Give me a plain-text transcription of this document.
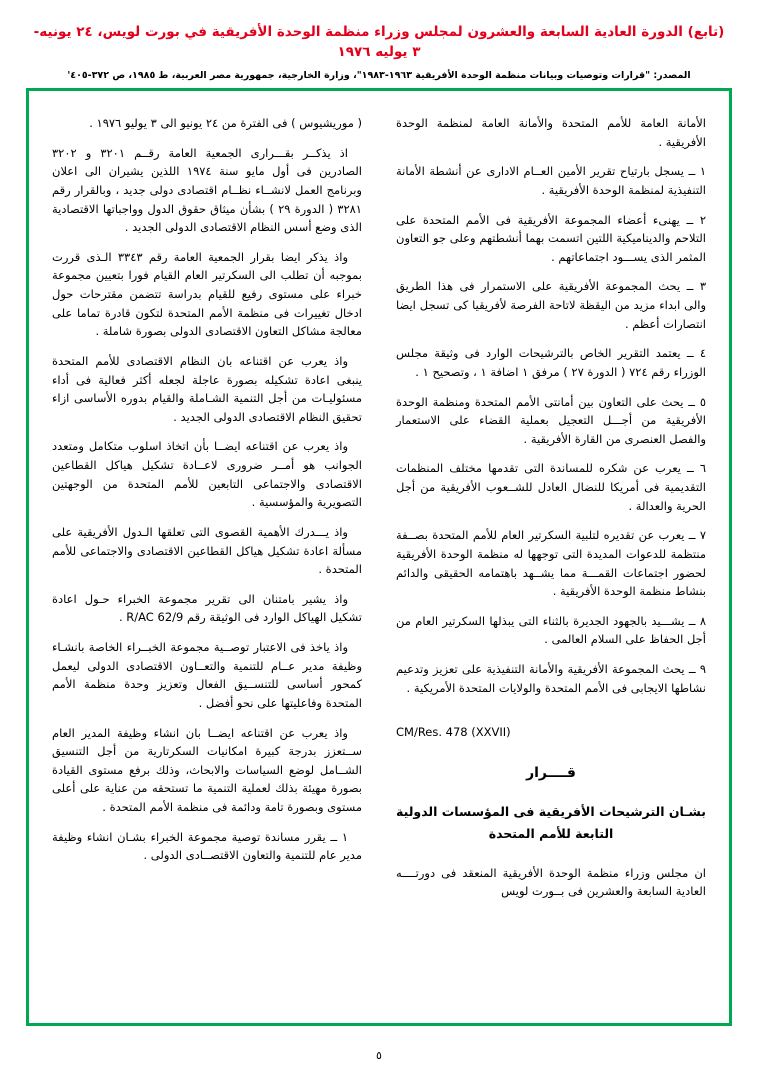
(تابع) الدورة العادية السابعة والعشرون لمجلس وزراء منظمة الوحدة الأفريقية في بورت لويس، ٢٤ يونيه- ٣ يوليه ١٩٧٦
المصدر: "قرارات وتوصيات وبيانات منظمة الوحدة الأفريقية ١٩٦٣-١٩٨٣"، وزارة الخارجية، جمهورية مصر العربية، ط ١٩٨٥، ص ٣٧٢-٤٠٥'

الأمانة العامة للأمم المتحدة والأمانة العامة لمنظمة الوحدة الأفريقية .

١ ــ يسجل بارتياح تقرير الأمين العــام الادارى عن أنشطة الأمانة التنفيذية لمنظمة الوحدة الأفريقية .

٢ ــ يهنىء أعضاء المجموعة الأفريقية فى الأمم المتحدة على التلاحم والديناميكية اللتين اتسمت بهما أنشطتهم وعلى جو التعاون المثمر الذى يســـود اجتماعاتهم .

٣ ــ يحث المجموعة الأفريقية على الاستمرار فى هذا الطريق والى ابداء مزيد من اليقظة لاتاحة الفرصة لأفريقيا كى تسجل ايضا انتصارات أعظم .

٤ ــ يعتمد التقرير الخاص بالترشيحات الوارد فى وثيقة مجلس الوزراء رقم ٧٢٤ ( الدورة ٢٧ ) مرفق ١ اضافة ١ ، وتصحيح ١ .

٥ ــ يحث على التعاون بين أمانتى الأمم المتحدة ومنظمة الوحدة الأفريقية من أجـــل التعجيل بعملية القضاء على الاستعمار والفصل العنصرى من القارة الأفريقية .

٦ ــ يعرب عن شكره للمساندة التى تقدمها مختلف المنظمات التقديمية فى أمريكا للنضال العادل للشــعوب الأفريقية من أجل الحرية والعدالة .

٧ ــ يعرب عن تقديره لتلبية السكرتير العام للأمم المتحدة بصــفة منتظمة للدعوات المديدة التى توجهها له منظمة الوحدة الأفريقية لحضور اجتماعات القمـــة مما يشــهد باهتمامه الحقيقى والدائم بنشاط منظمة الوحدة الأفريقية .

٨ ــ يشـــيد بالجهود الجديرة بالثناء التى يبذلها السكرتير العام من أجل الحفاظ على السلام العالمى .

٩ ــ يحث المجموعة الأفريقية والأمانة التنفيذية على تعزيز وتدعيم نشاطها الايجابى فى الأمم المتحدة والولايات المتحدة الأمريكية .

CM/Res. 478 (XXVII)

قــــرار

بشـان الترشيحات الأفريقية فى المؤسسات الدولية التابعة للأمم المتحدة

ان مجلس وزراء منظمة الوحدة الأفريقية المنعقد فى دورتــــه العادية السابعة والعشرين فى بــورت لويس

( موريشيوس ) فى الفترة من ٢٤ يونيو الى ٣ يوليو ١٩٧٦ .

اذ يذكــر بقـــرارى الجمعية العامة رقــم ٣٢٠١ و ٣٢٠٢ الصادرين فى أول مايو سنة ١٩٧٤ اللذين يشيران الى اعلان وبرنامج العمل لانشــاء نظــام اقتصادى دولى جديد ، وبالقرار رقم ٣٢٨١ ( الدورة ٢٩ ) بشأن ميثاق حقوق الدول وواجباتها الاقتصادية الذى وضع أسس النظام الاقتصادى الدولى الجديد .

واذ يذكر ايضا بقرار الجمعية العامة رقم ٣٣٤٣ الـذى قررت بموجبه أن تطلب الى السكرتير العام القيام فورا بتعيين مجموعة خبراء على مستوى رفيع للقيام بدراسة تتضمن مقترحات حول ادخال تغييرات فى منظمة الأمم المتحدة لتكون قادرة تماما على معالجة مشاكل التعاون الاقتصادى الدولى بصورة شاملة .

واذ يعرب عن اقتناعه بان النظام الاقتصادى للأمم المتحدة ينبغى اعادة تشكيله بصورة عاجلة لجعله أكثر فعالية فى أداء مسئوليـات من أجل التنمية الشـاملة والقيام بدوره الأساسى ازاء تحقيق النظام الاقتصادى الدولى الجديد .

واذ يعرب عن اقتناعه ايضــا بأن اتخاذ اسلوب متكامل ومتعدد الجوانب هو أمــر ضرورى لاعــادة تشكيل هياكل القطاعين الاقتصادى والاجتماعى التابعين للأمم المتحدة من الوجهتين التصويرية والمؤسسية .

واذ يـــدرك الأهمية القصوى التى تعلقها الـدول الأفريقية على مسألة اعادة تشكيل هياكل القطاعين الاقتصادى والاجتماعى للأمم المتحدة .

واذ يشير بامتنان الى تقرير مجموعة الخبراء حـول اعادة تشكيل الهياكل الوارد فى الوثيقة رقم R/AC 62/9 .

واذ ياخذ فى الاعتبار توصــية مجموعة الخبــراء الخاصة بانشـاء وظيفة مدير عــام للتنمية والتعــاون الاقتصادى الدولى ليعمل كمحور أساسى للتنســيق الفعال وتعزيز وحدة منظمة الأمم المتحدة وفاعليتها على نحو أفضل .

واذ يعرب عن اقتناعه ايضــا بان انشاء وظيفة المدير العام ســتعزز بدرجة كبيرة امكانيات السكرتارية من أجل التنسيق الشــامل لوضع السياسات والابحاث، وذلك برفع مستوى القيادة بصورة مهيئة بذلك لعملية التنمية ما تستحقه من عناية على أعلى مستوى وبصورة تامة ودائمة فى منظمة الأمم المتحدة .

١ ــ يقرر مساندة توصية مجموعة الخبراء بشـان انشاء وظيفة مدير عام للتنمية والتعاون الاقتصــادى الدولى .

٥
